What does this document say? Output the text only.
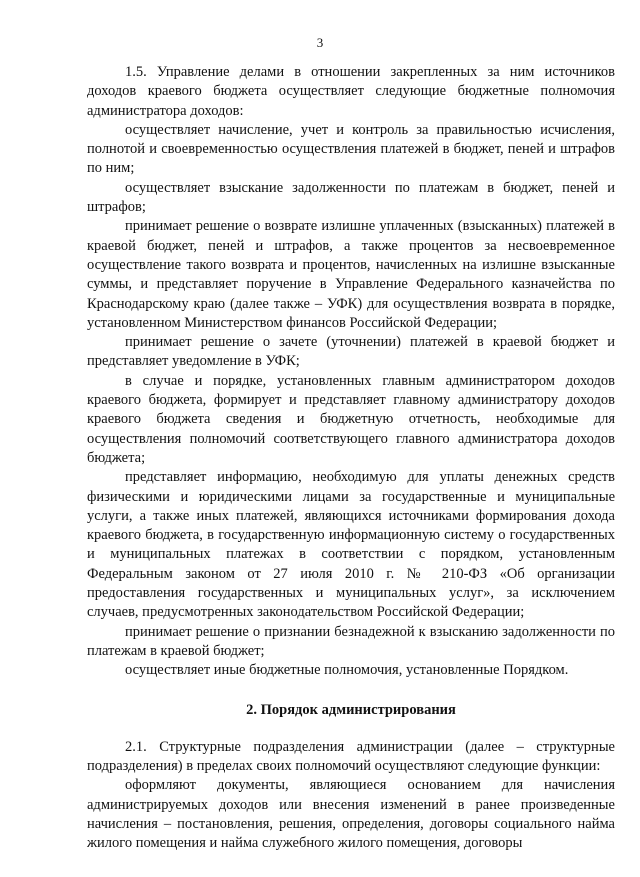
3

1.5. Управление делами в отношении закрепленных за ним источников доходов краевого бюджета осуществляет следующие бюджетные полномочия администратора доходов:

осуществляет начисление, учет и контроль за правильностью исчисления, полнотой и своевременностью осуществления платежей в бюджет, пеней и штрафов по ним;

осуществляет взыскание задолженности по платежам в бюджет, пеней и штрафов;

принимает решение о возврате излишне уплаченных (взысканных) платежей в краевой бюджет, пеней и штрафов, а также процентов за несвоевременное осуществление такого возврата и процентов, начисленных на излишне взысканные суммы, и представляет поручение в Управление Федерального казначейства по Краснодарскому краю (далее также – УФК) для осуществления возврата в порядке, установленном Министерством финансов Российской Федерации;

принимает решение о зачете (уточнении) платежей в краевой бюджет и представляет уведомление в УФК;

в случае и порядке, установленных главным администратором доходов краевого бюджета, формирует и представляет главному администратору доходов краевого бюджета сведения и бюджетную отчетность, необходимые для осуществления полномочий соответствующего главного администратора доходов бюджета;

представляет информацию, необходимую для уплаты денежных средств физическими и юридическими лицами за государственные и муниципальные услуги, а также иных платежей, являющихся источниками формирования дохода краевого бюджета, в государственную информационную систему о государственных и муниципальных платежах в соответствии с порядком, установленным Федеральным законом от 27 июля 2010 г. № 210-ФЗ «Об организации предоставления государственных и муниципальных услуг», за исключением случаев, предусмотренных законодательством Российской Федерации;

принимает решение о признании безнадежной к взысканию задолженности по платежам в краевой бюджет;

осуществляет иные бюджетные полномочия, установленные Порядком.

2. Порядок администрирования

2.1. Структурные подразделения администрации (далее – структурные подразделения) в пределах своих полномочий осуществляют следующие функции:

оформляют документы, являющиеся основанием для начисления администрируемых доходов или внесения изменений в ранее произведенные начисления – постановления, решения, определения, договоры социального найма жилого помещения и найма служебного жилого помещения, договоры
